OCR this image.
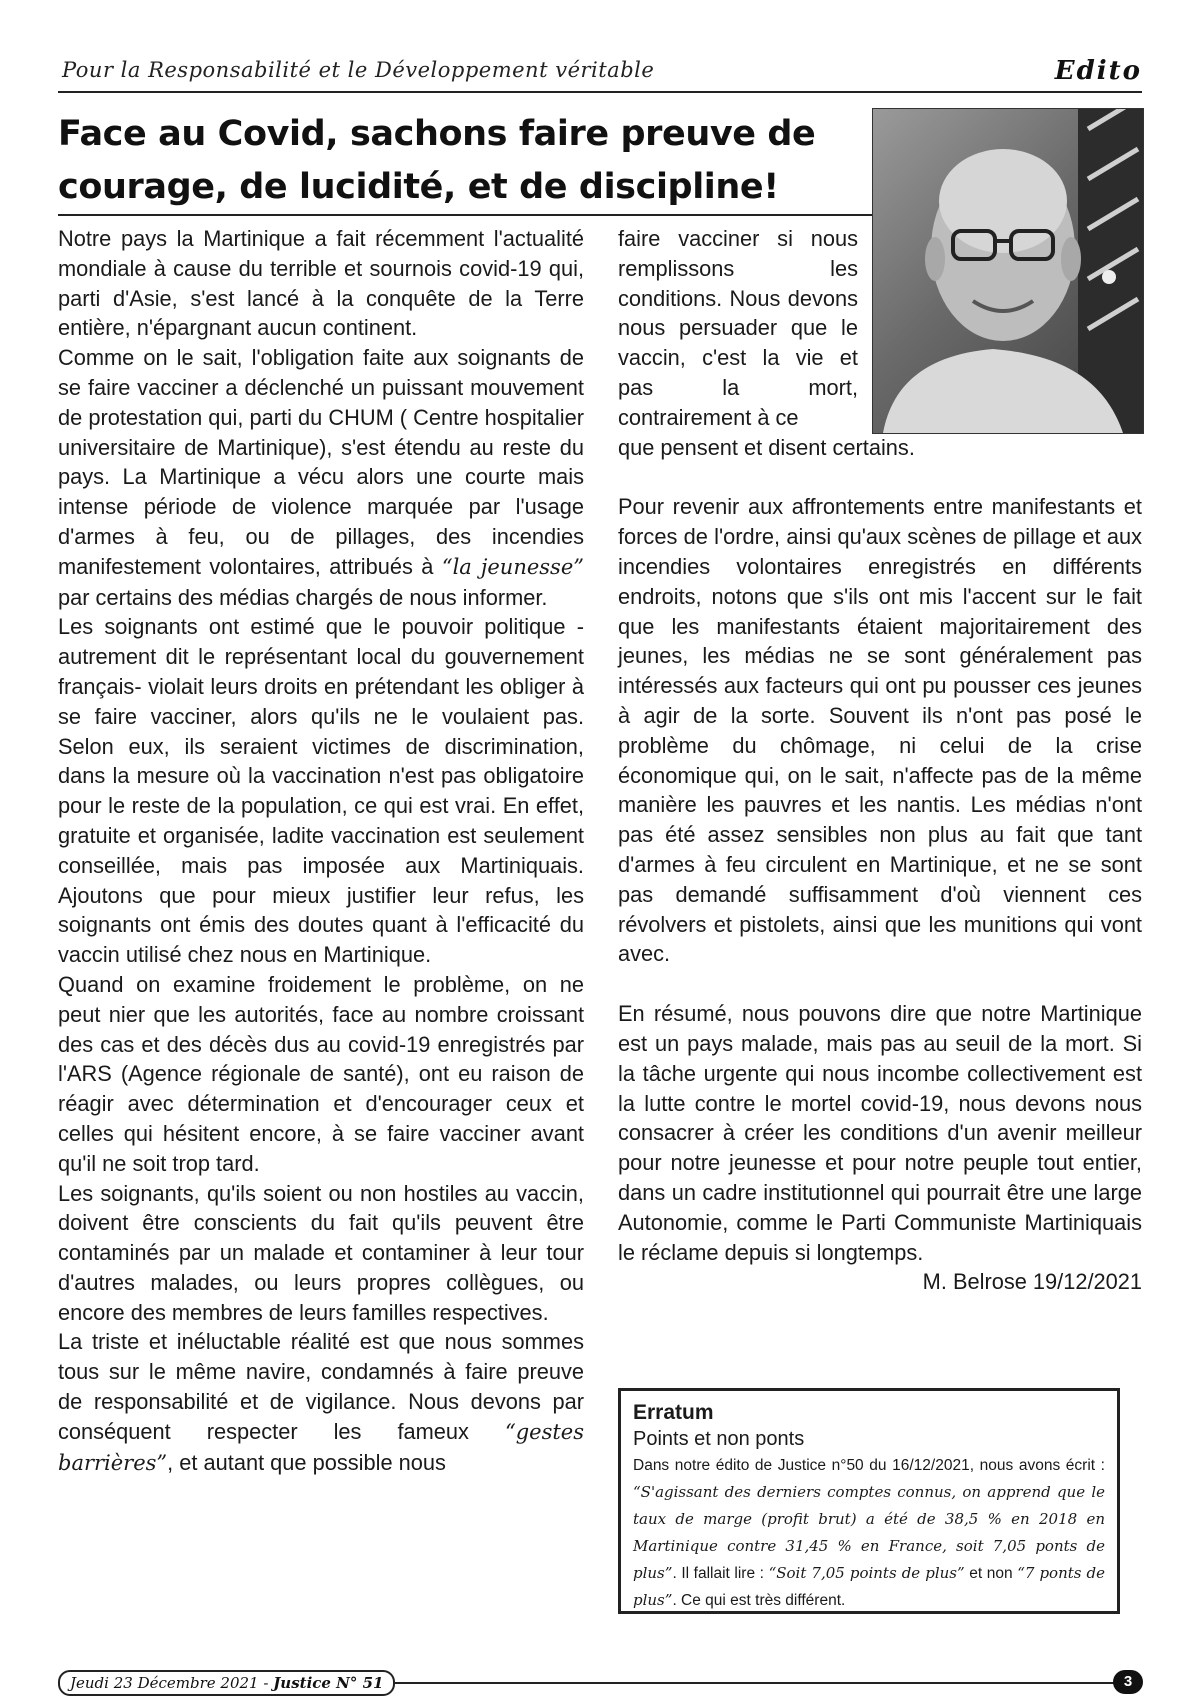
Pour la Responsabilité et le Développement véritable	Edito
Face au Covid, sachons faire preuve de courage, de lucidité, et de discipline!

Notre pays la Martinique a fait récemment l'actualité mondiale à cause du terrible et sournois covid-19 qui, parti d'Asie, s'est lancé à la conquête de la Terre entière, n'épargnant aucun continent.

Comme on le sait, l'obligation faite aux soignants de se faire vacciner a déclenché un puissant mouvement de protestation qui, parti du CHUM ( Centre hospitalier universitaire de Martinique), s'est étendu au reste du pays. La Martinique a vécu alors une courte mais intense période de violence marquée par l'usage d'armes à feu, ou de pillages, des incendies manifestement volontaires, attribués à “la jeunesse” par certains des médias chargés de nous informer.

Les soignants ont estimé que le pouvoir politique -autrement dit le représentant local du gouvernement français- violait leurs droits en prétendant les obliger à se faire vacciner, alors qu'ils ne le voulaient pas. Selon eux, ils seraient victimes de discrimination, dans la mesure où la vaccination n'est pas obligatoire pour le reste de la population, ce qui est vrai. En effet, gratuite et organisée, ladite vaccination est seulement conseillée, mais pas imposée aux Martiniquais. Ajoutons que pour mieux justifier leur refus, les soignants ont émis des doutes quant à l'efficacité du vaccin utilisé chez nous en Martinique.

Quand on examine froidement le problème, on ne peut nier que les autorités, face au nombre croissant des cas et des décès dus au covid-19 enregistrés par l'ARS (Agence régionale de santé), ont eu raison de réagir avec détermination et d'encourager ceux et celles qui hésitent encore, à se faire vacciner avant qu'il ne soit trop tard.

Les soignants, qu'ils soient ou non hostiles au vaccin, doivent être conscients du fait qu'ils peuvent être contaminés par un malade et contaminer à leur tour d'autres malades, ou leurs propres collègues, ou encore des membres de leurs familles respectives.

La triste et inéluctable réalité est que nous sommes tous sur le même navire, condamnés à faire preuve de responsabilité et de vigilance. Nous devons par conséquent respecter les fameux “gestes barrières”, et autant que possible nous

faire vacciner si nous remplissons les conditions. Nous devons nous persuader que le vaccin, c'est la vie et pas la mort, contrairement à ce

que pensent et disent certains.

Pour revenir aux affrontements entre manifestants et forces de l'ordre, ainsi qu'aux scènes de pillage et aux incendies volontaires enregistrés en différents endroits, notons que s'ils ont mis l'accent sur le fait que les manifestants étaient majoritairement des jeunes, les médias ne se sont généralement pas intéressés aux facteurs qui ont pu pousser ces jeunes à agir de la sorte. Souvent ils n'ont pas posé le problème du chômage, ni celui de la crise économique qui, on le sait, n'affecte pas de la même manière les pauvres et les nantis. Les médias n'ont pas été assez sensibles non plus au fait que tant d'armes à feu circulent en Martinique, et ne se sont pas demandé suffisamment d'où viennent ces révolvers et pistolets, ainsi que les munitions qui vont avec.

En résumé, nous pouvons dire que notre Martinique est un pays malade, mais pas au seuil de la mort. Si la tâche urgente qui nous incombe collectivement est la lutte contre le mortel covid-19, nous devons nous consacrer à créer les conditions d'un avenir meilleur pour notre jeunesse et pour notre peuple tout entier, dans un cadre institutionnel qui pourrait être une large Autonomie, comme le Parti Communiste Martiniquais le réclame depuis si longtemps.

M. Belrose 19/12/2021

Erratum

Points et non ponts

Dans notre édito de Justice n°50 du 16/12/2021, nous avons écrit : “S'agissant des derniers comptes connus, on apprend que le taux de marge (profit brut) a été de 38,5 % en 2018 en Martinique contre 31,45 % en France, soit 7,05 ponts de plus”. Il fallait lire : “Soit 7,05 points de plus” et non “7 ponts de plus”. Ce qui est très différent.

Jeudi 23 Décembre 2021 - Justice N° 51	3
